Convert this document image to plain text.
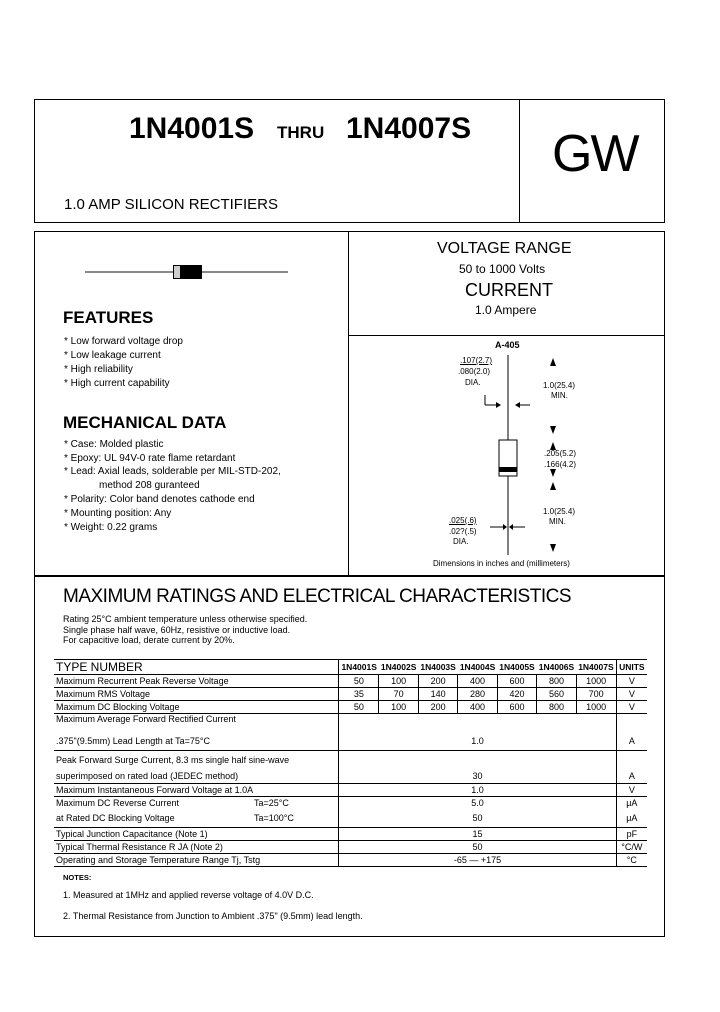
1N4001S THRU 1N4007S
1.0 AMP SILICON RECTIFIERS
GW
VOLTAGE RANGE
50 to 1000 Volts
CURRENT
1.0 Ampere
FEATURES
* Low forward voltage drop
* Low leakage current
* High reliability
* High current capability
MECHANICAL DATA
* Case: Molded plastic
* Epoxy: UL 94V-0 rate flame retardant
* Lead: Axial leads, solderable per MIL-STD-202,
method 208 guranteed
* Polarity: Color band denotes cathode end
* Mounting position: Any
* Weight: 0.22 grams
A-405
.107(2.7)
.080(2.0)
DIA.	1.0(25.4)
MIN.
.205(5.2)
.166(4.2)
1.0(25.4)
MIN.
.025(.6)
.02?(.5)
DIA.
Dimensions in inches and (millimeters)
MAXIMUM RATINGS AND ELECTRICAL CHARACTERISTICS
Rating 25°C ambient temperature unless otherwise specified.
Single phase half wave, 60Hz, resistive or inductive load.
For capacitive load, derate current by 20%.
TYPE NUMBER	1N4001S	1N4002S	1N4003S	1N4004S	1N4005S	1N4006S	1N4007S	UNITS
Maximum Recurrent Peak Reverse Voltage	50	100	200	400	600	800	1000	V
Maximum RMS Voltage	35	70	140	280	420	560	700	V
Maximum DC Blocking Voltage	50	100	200	400	600	800	1000	V
Maximum Average Forward Rectified Current								
.375"(9.5mm) Lead Length at Ta=75°C	1.0							A
Peak Forward Surge Current, 8.3 ms single half sine-wave								
superimposed on rated load (JEDEC method)	30							A
Maximum Instantaneous Forward Voltage at 1.0A	1.0							V
Maximum DC Reverse Current Ta=25°C	5.0							μA
at Rated DC Blocking Voltage Ta=100°C	50							μA
Typical Junction Capacitance (Note 1)	15							pF
Typical Thermal Resistance R JA (Note 2)	50							°C/W
Operating and Storage Temperature Range Tj, Tstg	-65 — +175							°C
NOTES:
1. Measured at 1MHz and applied reverse voltage of 4.0V D.C.
2. Thermal Resistance from Junction to Ambient .375" (9.5mm) lead length.
